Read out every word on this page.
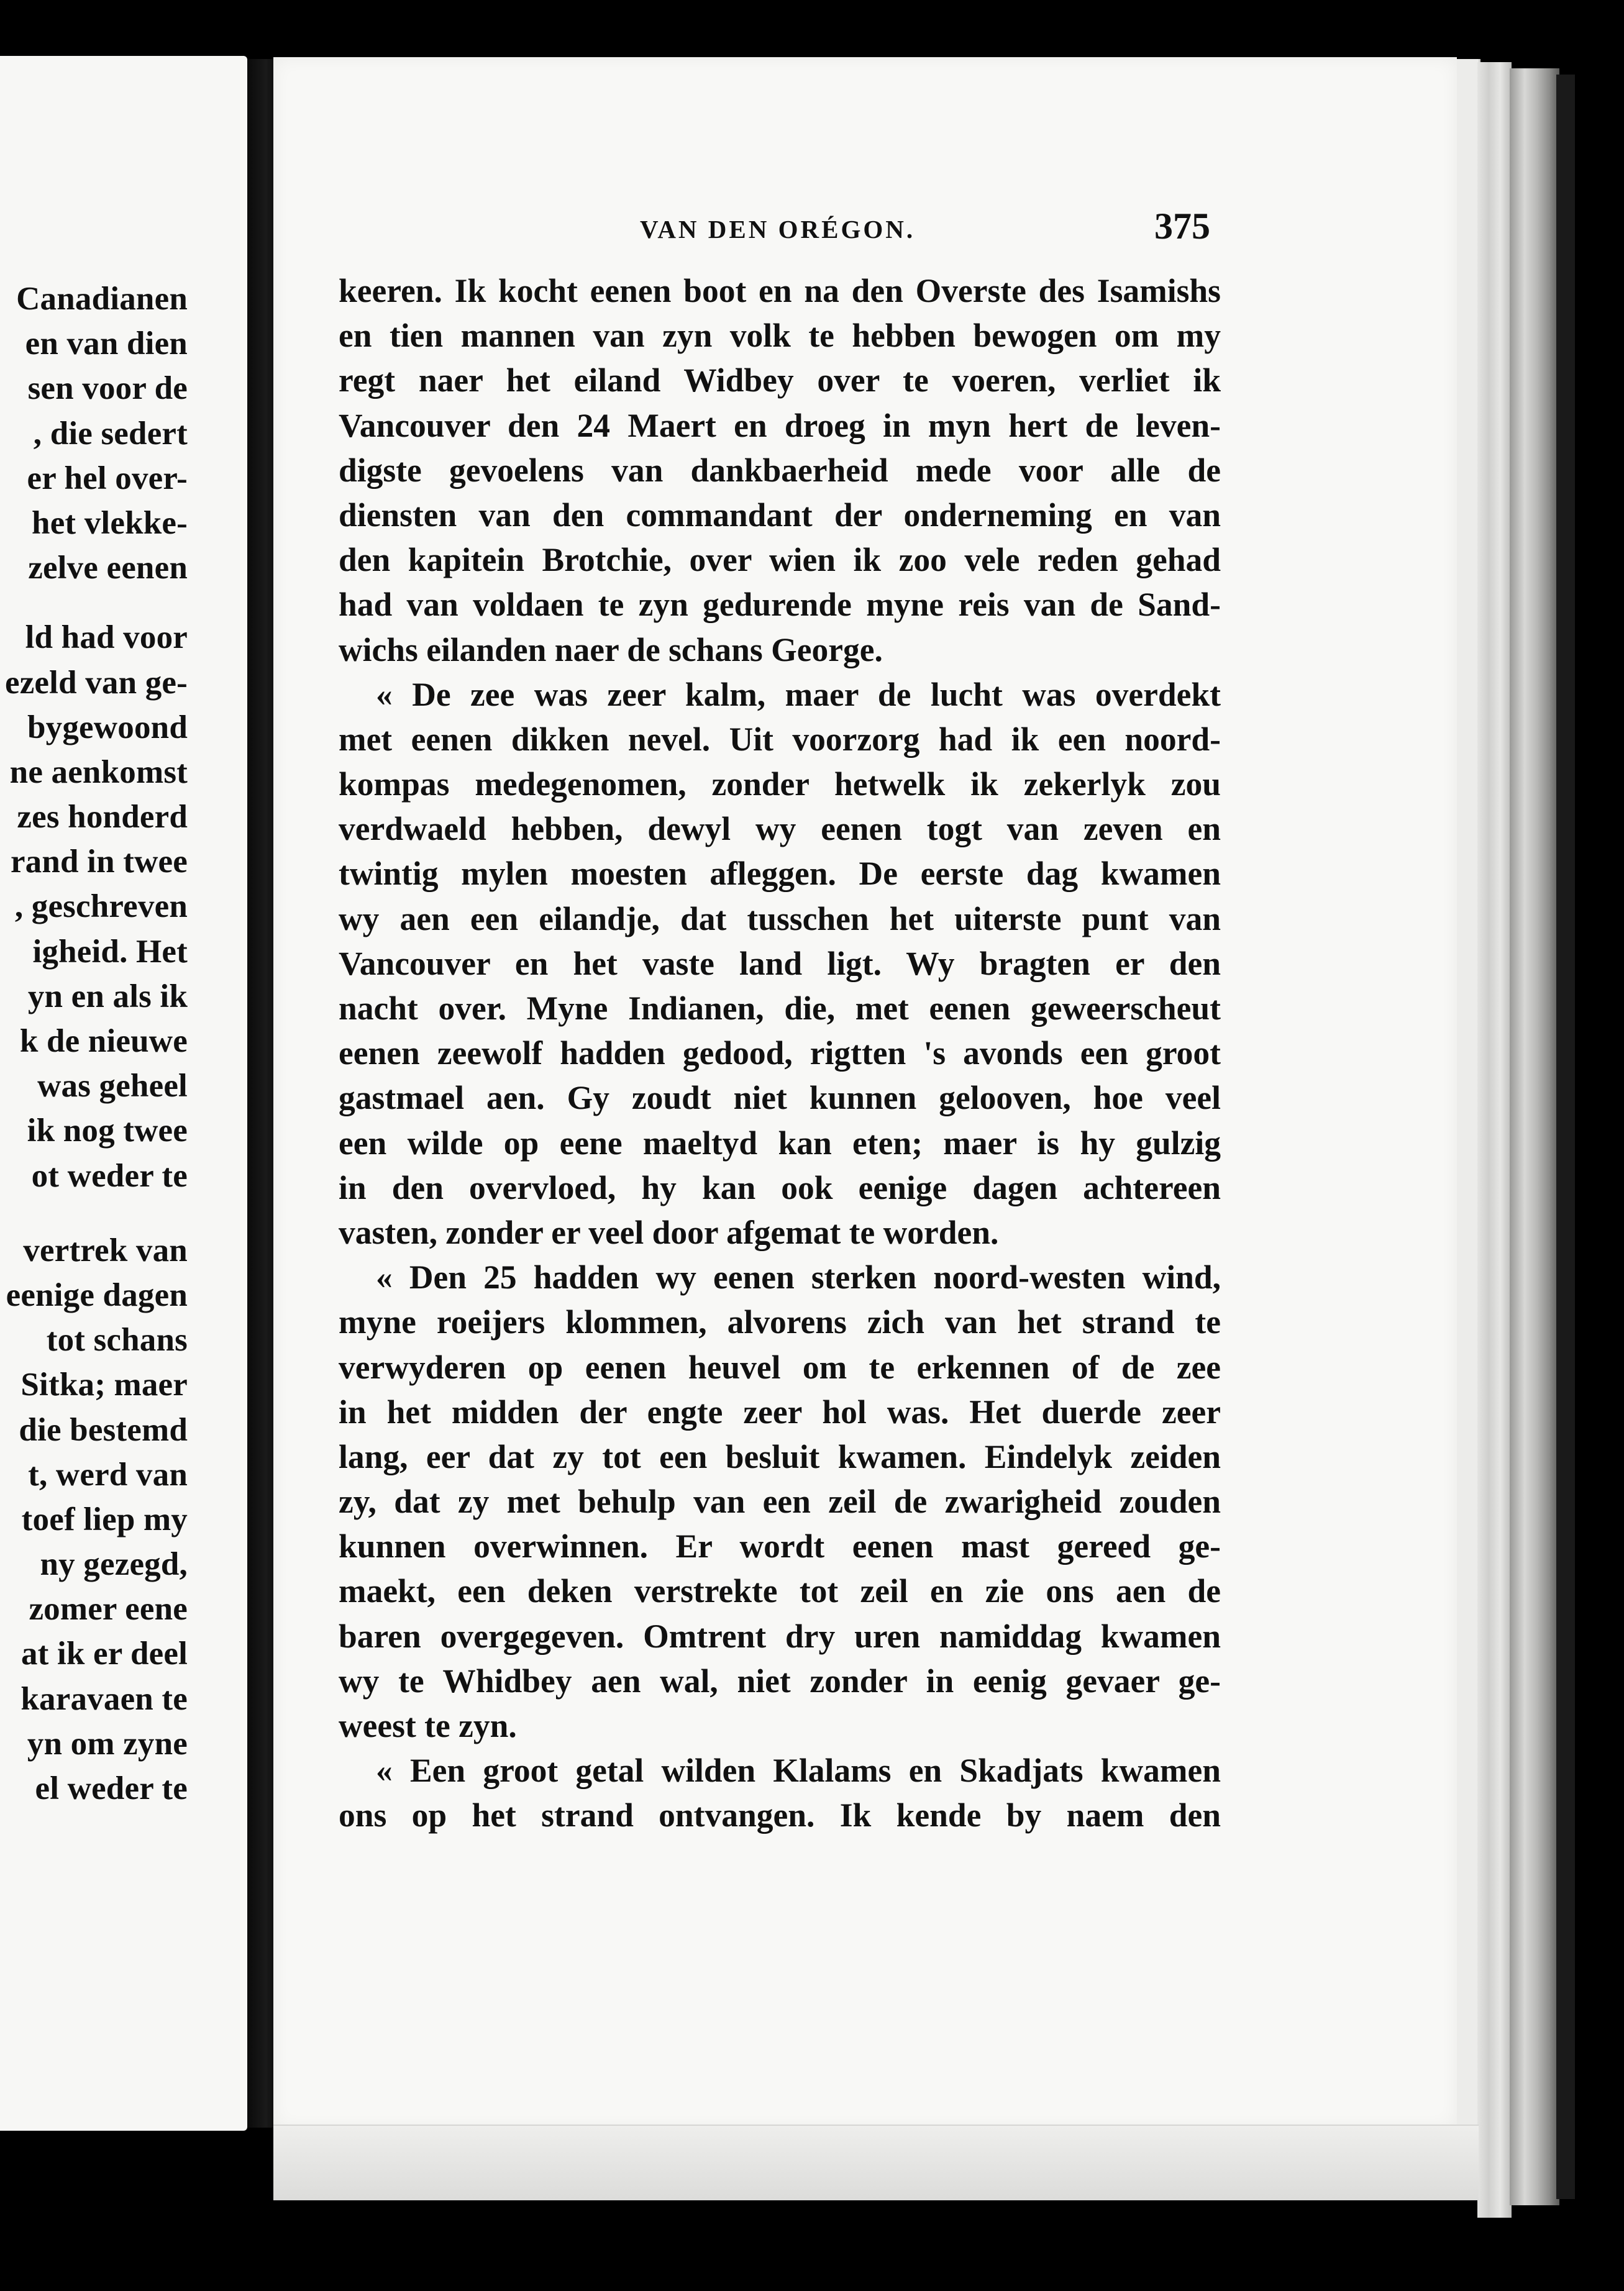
Canadianen
en van dien
sen voor de
, die sedert
er hel over-
het vlekke-
zelve eenen
ld had voor
ezeld van ge-
bygewoond
ne aenkomst
zes honderd
rand in twee
, geschreven
igheid. Het
yn en als ik
k de nieuwe
was geheel
ik nog twee
ot weder te
vertrek van
eenige dagen
tot schans
Sitka; maer
die bestemd
t, werd van
toef liep my
ny gezegd,
zomer eene
at ik er deel
karavaen te
yn om zyne
el weder te
VAN DEN ORÉGON.	375
keeren. Ik kocht eenen boot en na den Overste des Isamishs
en tien mannen van zyn volk te hebben bewogen om my
regt naer het eiland Widbey over te voeren, verliet ik
Vancouver den 24 Maert en droeg in myn hert de leven-
digste gevoelens van dankbaerheid mede voor alle de
diensten van den commandant der onderneming en van
den kapitein Brotchie, over wien ik zoo vele reden gehad
had van voldaen te zyn gedurende myne reis van de Sand-
wichs eilanden naer de schans George.
« De zee was zeer kalm, maer de lucht was overdekt
met eenen dikken nevel. Uit voorzorg had ik een noord-
kompas medegenomen, zonder hetwelk ik zekerlyk zou
verdwaeld hebben, dewyl wy eenen togt van zeven en
twintig mylen moesten afleggen. De eerste dag kwamen
wy aen een eilandje, dat tusschen het uiterste punt van
Vancouver en het vaste land ligt. Wy bragten er den
nacht over. Myne Indianen, die, met eenen geweerscheut
eenen zeewolf hadden gedood, rigtten 's avonds een groot
gastmael aen. Gy zoudt niet kunnen gelooven, hoe veel
een wilde op eene maeltyd kan eten; maer is hy gulzig
in den overvloed, hy kan ook eenige dagen achtereen
vasten, zonder er veel door afgemat te worden.
« Den 25 hadden wy eenen sterken noord-westen wind,
myne roeijers klommen, alvorens zich van het strand te
verwyderen op eenen heuvel om te erkennen of de zee
in het midden der engte zeer hol was. Het duerde zeer
lang, eer dat zy tot een besluit kwamen. Eindelyk zeiden
zy, dat zy met behulp van een zeil de zwarigheid zouden
kunnen overwinnen. Er wordt eenen mast gereed ge-
maekt, een deken verstrekte tot zeil en zie ons aen de
baren overgegeven. Omtrent dry uren namiddag kwamen
wy te Whidbey aen wal, niet zonder in eenig gevaer ge-
weest te zyn.
« Een groot getal wilden Klalams en Skadjats kwamen
ons op het strand ontvangen. Ik kende by naem den
